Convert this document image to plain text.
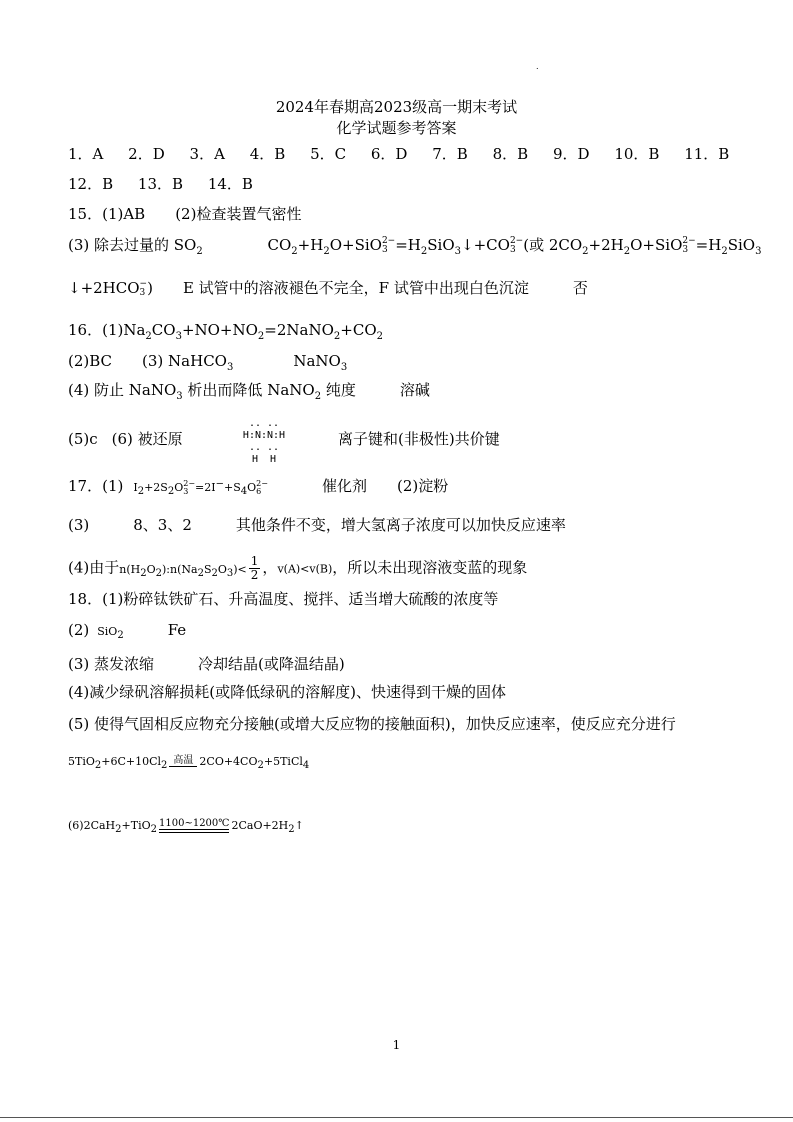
.
2024年春期高2023级高一期末考试
化学试题参考答案
1．A 2．D 3．A 4．B 5．C 6．D 7．B 8．B 9．D 10．B 11．B
12．B 13．B 14．B
15．(1)AB (2)检查装置气密性
(3) 除去过量的 $SO_2$	$CO_2+H_2O+SiO$ 2−
$3 =H_2SiO_3↓+CO$ 2−
3 (或 $2CO_2+2H_2O+SiO$ 2−
$3 =H_2SiO_3$
↓+2HCO −
3 ) E 试管中的溶液褪色不完全，F 试管中出现白色沉淀	否
16．$(1)Na_2CO_3+NO+NO_2=2NaNO_2+CO_2$
(2)BC (3) NaHCO$_3$	NaNO$_3$
(4) 防止 NaNO$_3$ 析出而降低 NaNO$_2$ 纯度	溶碱
(5)c (6) 被还原
.. ..
H:N:N:H
.. ..
H  H
离子键和(非极性)共价键
17．(1) $I_2+2S_2O$ 2−
$3 =2I^-+S_4O$ 2−
6	催化剂 (2)淀粉
(3)	8、3、2	其他条件不变，增大氢离子浓度可以加快反应速率
(4)由于$n(H_2O_2):n(Na_2S_2O_3)< \frac{1}{2}$ ，v(A)<v(B)，所以未出现溶液变蓝的现象
18．(1)粉碎钛铁矿石、升高温度、搅拌、适当增大硫酸的浓度等
(2) SiO$_2$	Fe
(3) 蒸发浓缩	冷却结晶(或降温结晶)
(4)减少绿矾溶解损耗(或降低绿矾的溶解度)、快速得到干燥的固体
(5) 使得气固相反应物充分接触(或增大反应物的接触面积)，加快反应速率，使反应充分进行
$5TiO_2+6C+10Cl_2$ 高温 $2CO+4CO_2+5TiCl_4$
(6)2CaH$_2$+TiO$_2$
1100~1200℃ $2CaO+2H_2↑$
1
